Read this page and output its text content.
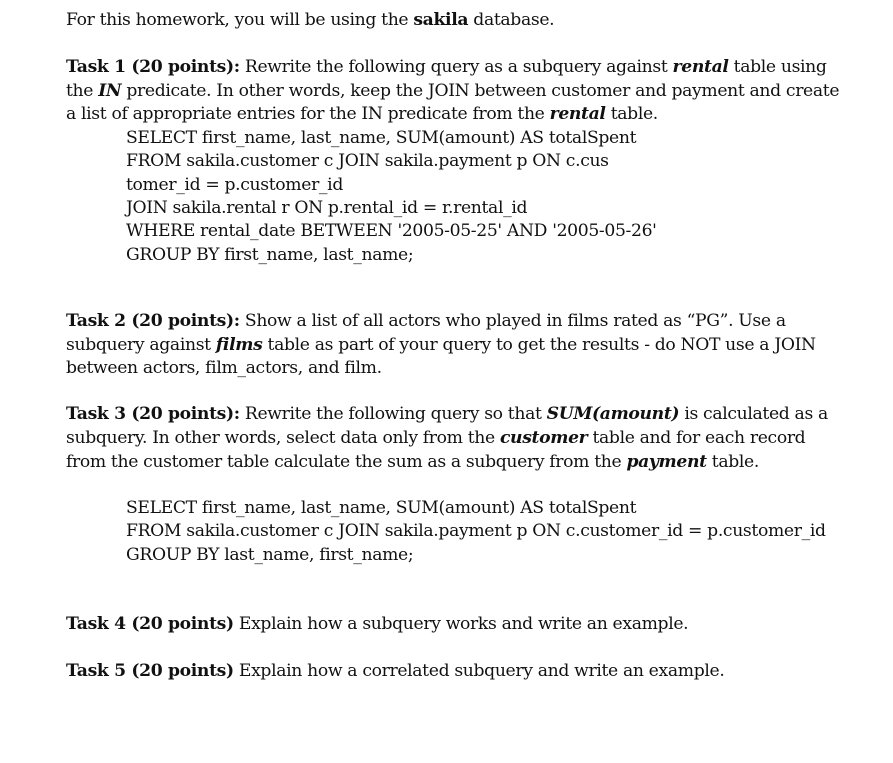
For this homework, you will be using the sakila database.
Task 1 (20 points): Rewrite the following query as a subquery against rental table using
the IN predicate. In other words, keep the JOIN between customer and payment and create
a list of appropriate entries for the IN predicate from the rental table.
SELECT first_name, last_name, SUM(amount) AS totalSpent
FROM sakila.customer c JOIN sakila.payment p ON c.cus
tomer_id = p.customer_id
JOIN sakila.rental r ON p.rental_id = r.rental_id
WHERE rental_date BETWEEN '2005-05-25' AND '2005-05-26'
GROUP BY first_name, last_name;
Task 2 (20 points): Show a list of all actors who played in films rated as “PG”. Use a
subquery against films table as part of your query to get the results - do NOT use a JOIN
between actors, film_actors, and film.
Task 3 (20 points): Rewrite the following query so that SUM(amount) is calculated as a
subquery. In other words, select data only from the customer table and for each record
from the customer table calculate the sum as a subquery from the payment table.
SELECT first_name, last_name, SUM(amount) AS totalSpent
FROM sakila.customer c JOIN sakila.payment p ON c.customer_id = p.customer_id
GROUP BY last_name, first_name;
Task 4 (20 points) Explain how a subquery works and write an example.
Task 5 (20 points) Explain how a correlated subquery and write an example.
